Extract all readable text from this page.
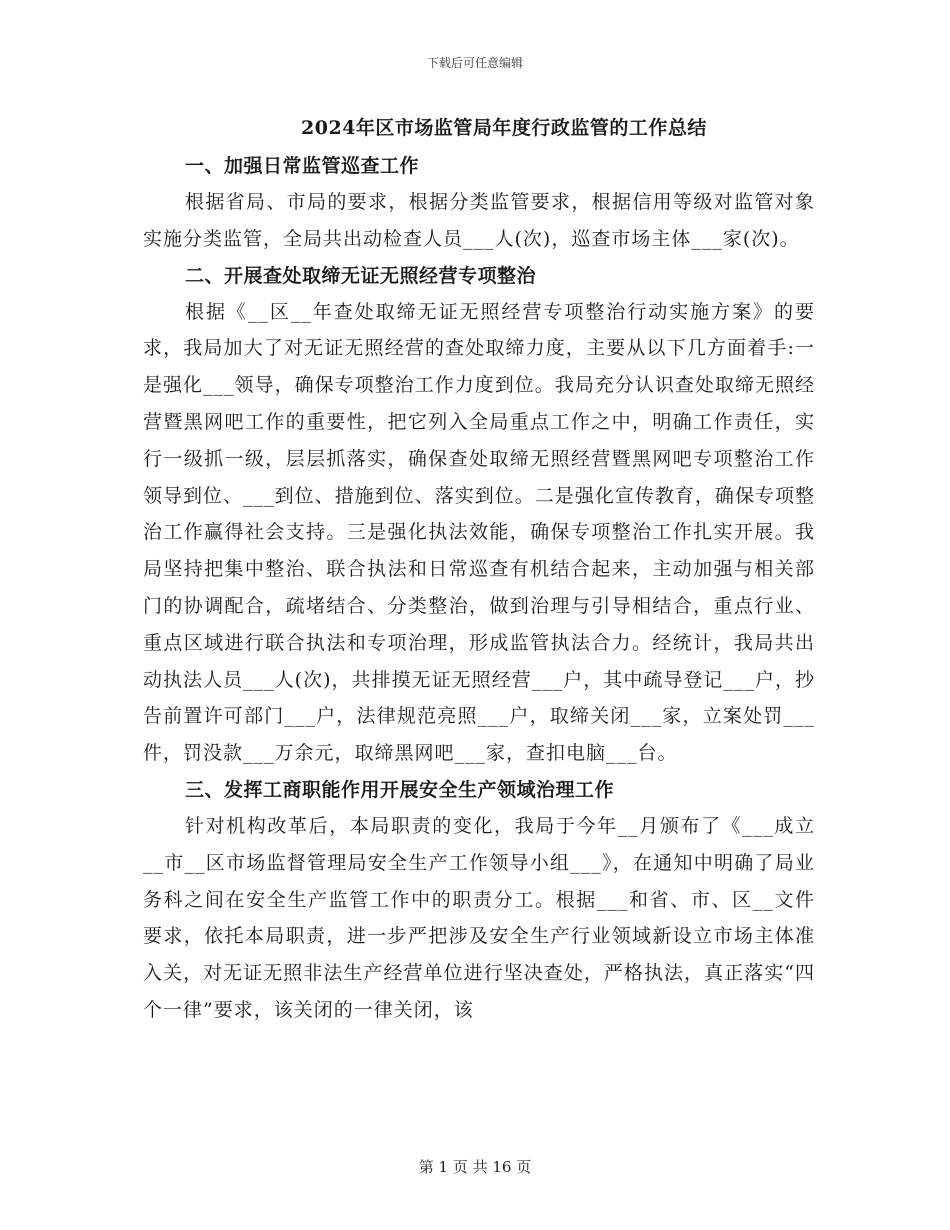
下载后可任意编辑
2024年区市场监管局年度行政监管的工作总结
一、加强日常监管巡查工作

根据省局、市局的要求，根据分类监管要求，根据信用等级对监管对象实施分类监管，全局共出动检查人员___人(次)，巡查市场主体___家(次)。

二、开展查处取缔无证无照经营专项整治

根据《__区__年查处取缔无证无照经营专项整治行动实施方案》的要求，我局加大了对无证无照经营的查处取缔力度，主要从以下几方面着手:一是强化___领导，确保专项整治工作力度到位。我局充分认识查处取缔无照经营暨黑网吧工作的重要性，把它列入全局重点工作之中，明确工作责任，实行一级抓一级，层层抓落实，确保查处取缔无照经营暨黑网吧专项整治工作领导到位、___到位、措施到位、落实到位。二是强化宣传教育，确保专项整治工作赢得社会支持。三是强化执法效能，确保专项整治工作扎实开展。我局坚持把集中整治、联合执法和日常巡查有机结合起来，主动加强与相关部门的协调配合，疏堵结合、分类整治，做到治理与引导相结合，重点行业、重点区域进行联合执法和专项治理，形成监管执法合力。经统计，我局共出动执法人员___人(次)，共排摸无证无照经营___户，其中疏导登记___户，抄告前置许可部门___户，法律规范亮照___户，取缔关闭___家，立案处罚___件，罚没款___万余元，取缔黑网吧___家，查扣电脑___台。

三、发挥工商职能作用开展安全生产领域治理工作

针对机构改革后，本局职责的变化，我局于今年__月颁布了《___成立__市__区市场监督管理局安全生产工作领导小组___》，在通知中明确了局业务科之间在安全生产监管工作中的职责分工。根据___和省、市、区__文件要求，依托本局职责，进一步严把涉及安全生产行业领域新设立市场主体准入关，对无证无照非法生产经营单位进行坚决查处，严格执法，真正落实“四个一律”要求，该关闭的一律关闭，该

第 1 页 共 16 页
